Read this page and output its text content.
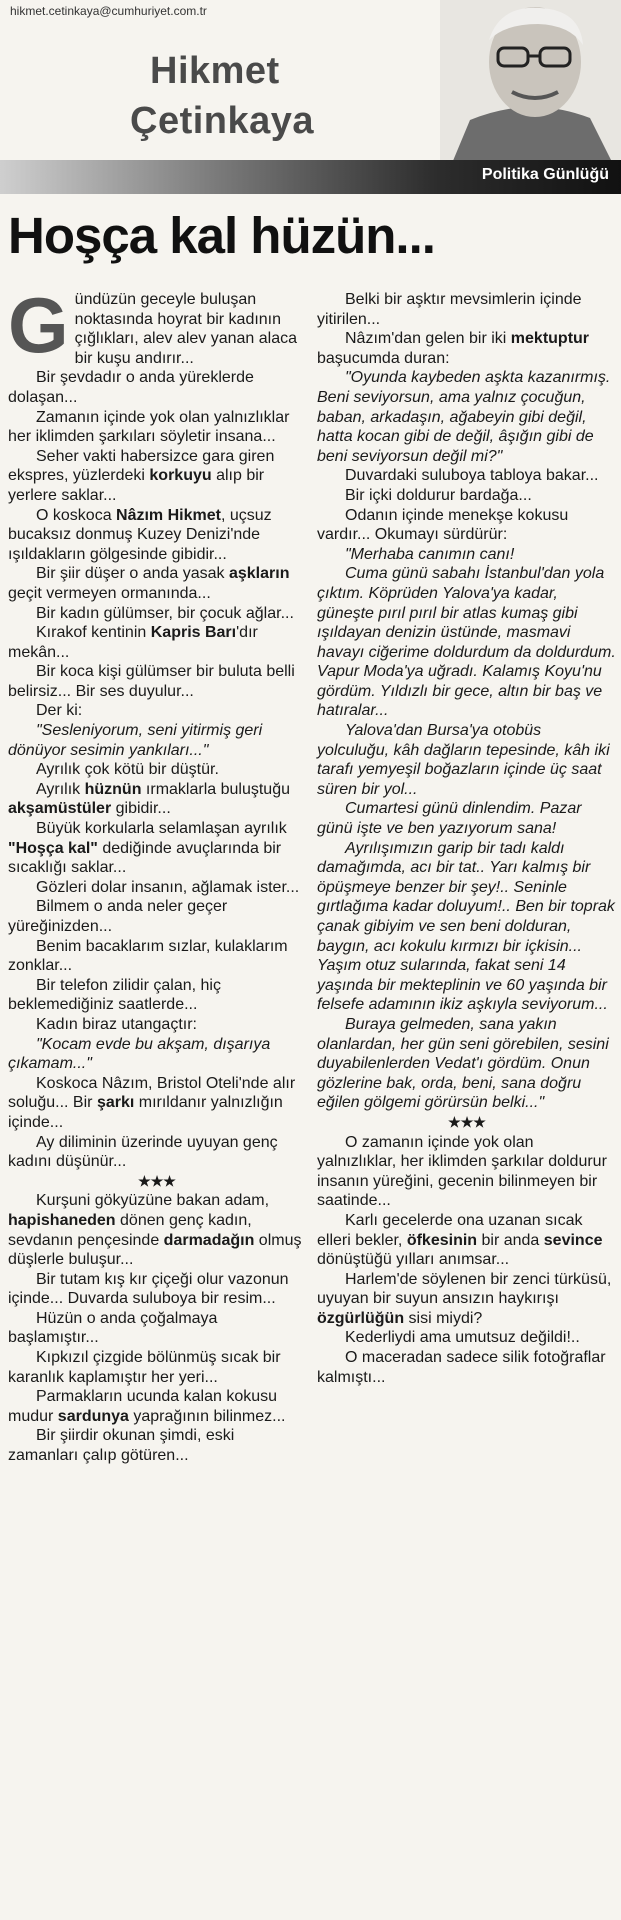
hikmet.cetinkaya@cumhuriyet.com.tr
Hikmet
Çetinkaya
Politika Günlüğü
Hoşça kal hüzün...

Gündüzün geceyle buluşan noktasında hoyrat bir kadının çığlıkları, alev alev yanan alaca bir kuşu andırır...

Bir şevdadır o anda yüreklerde dolaşan...

Zamanın içinde yok olan yalnızlıklar her iklimden şarkıları söyletir insana...

Seher vakti habersizce gara giren ekspres, yüzlerdeki korkuyu alıp bir yerlere saklar...

O koskoca Nâzım Hikmet, uçsuz bucaksız donmuş Kuzey Denizi'nde ışıldakların gölgesinde gibidir...

Bir şiir düşer o anda yasak aşkların geçit vermeyen ormanında...

Bir kadın gülümser, bir çocuk ağlar...

Kırakof kentinin Kapris Barı'dır mekân...

Bir koca kişi gülümser bir buluta belli belirsiz... Bir ses duyulur...

Der ki:

"Sesleniyorum, seni yitirmiş geri dönüyor sesimin yankıları..."

Ayrılık çok kötü bir düştür.

Ayrılık hüznün ırmaklarla buluştuğu akşamüstüler gibidir...

Büyük korkularla selamlaşan ayrılık "Hoşça kal" dediğinde avuçlarında bir sıcaklığı saklar...

Gözleri dolar insanın, ağlamak ister...

Bilmem o anda neler geçer yüreğinizden...

Benim bacaklarım sızlar, kulaklarım zonklar...

Bir telefon zilidir çalan, hiç beklemediğiniz saatlerde...

Kadın biraz utangaçtır:

"Kocam evde bu akşam, dışarıya çıkamam..."

Koskoca Nâzım, Bristol Oteli'nde alır soluğu... Bir şarkı mırıldanır yalnızlığın içinde...

Ay diliminin üzerinde uyuyan genç kadını düşünür...

★★★

Kurşuni gökyüzüne bakan adam, hapishaneden dönen genç kadın, sevdanın pençesinde darmadağın olmuş düşlerle buluşur...

Bir tutam kış kır çiçeği olur vazonun içinde... Duvarda suluboya bir resim...

Hüzün o anda çoğalmaya başlamıştır...

Kıpkızıl çizgide bölünmüş sıcak bir karanlık kaplamıştır her yeri...

Parmakların ucunda kalan kokusu mudur sardunya yaprağının bilinmez...

Bir şiirdir okunan şimdi, eski zamanları çalıp götüren...

Belki bir aşktır mevsimlerin içinde yitirilen...

Nâzım'dan gelen bir iki mektuptur başucumda duran:

"Oyunda kaybeden aşkta kazanırmış. Beni seviyorsun, ama yalnız çocuğun, baban, arkadaşın, ağabeyin gibi değil, hatta kocan gibi de değil, âşığın gibi de beni seviyorsun değil mi?"

Duvardaki suluboya tabloya bakar...

Bir içki doldurur bardağa...

Odanın içinde menekşe kokusu vardır... Okumayı sürdürür:

"Merhaba canımın canı!

Cuma günü sabahı İstanbul'dan yola çıktım. Köprüden Yalova'ya kadar, güneşte pırıl pırıl bir atlas kumaş gibi ışıldayan denizin üstünde, masmavi havayı ciğerime doldurdum da doldurdum. Vapur Moda'ya uğradı. Kalamış Koyu'nu gördüm. Yıldızlı bir gece, altın bir baş ve hatıralar...

Yalova'dan Bursa'ya otobüs yolculuğu, kâh dağların tepesinde, kâh iki tarafı yemyeşil boğazların içinde üç saat süren bir yol...

Cumartesi günü dinlendim. Pazar günü işte ve ben yazıyorum sana!

Ayrılışımızın garip bir tadı kaldı damağımda, acı bir tat.. Yarı kalmış bir öpüşmeye benzer bir şey!.. Seninle gırtlağıma kadar doluyum!.. Ben bir toprak çanak gibiyim ve sen beni dolduran, baygın, acı kokulu kırmızı bir içkisin... Yaşım otuz sularında, fakat seni 14 yaşında bir mekteplinin ve 60 yaşında bir felsefe adamının ikiz aşkıyla seviyorum...

Buraya gelmeden, sana yakın olanlardan, her gün seni görebilen, sesini duyabilenlerden Vedat'ı gördüm. Onun gözlerine bak, orda, beni, sana doğru eğilen gölgemi görürsün belki..."

★★★

O zamanın içinde yok olan yalnızlıklar, her iklimden şarkılar doldurur insanın yüreğini, gecenin bilinmeyen bir saatinde...

Karlı gecelerde ona uzanan sıcak elleri bekler, öfkesinin bir anda sevince dönüştüğü yılları anımsar...

Harlem'de söylenen bir zenci türküsü, uyuyan bir suyun ansızın haykırışı özgürlüğün sisi miydi?

Kederliydi ama umutsuz değildi!..

O maceradan sadece silik fotoğraflar kalmıştı...
